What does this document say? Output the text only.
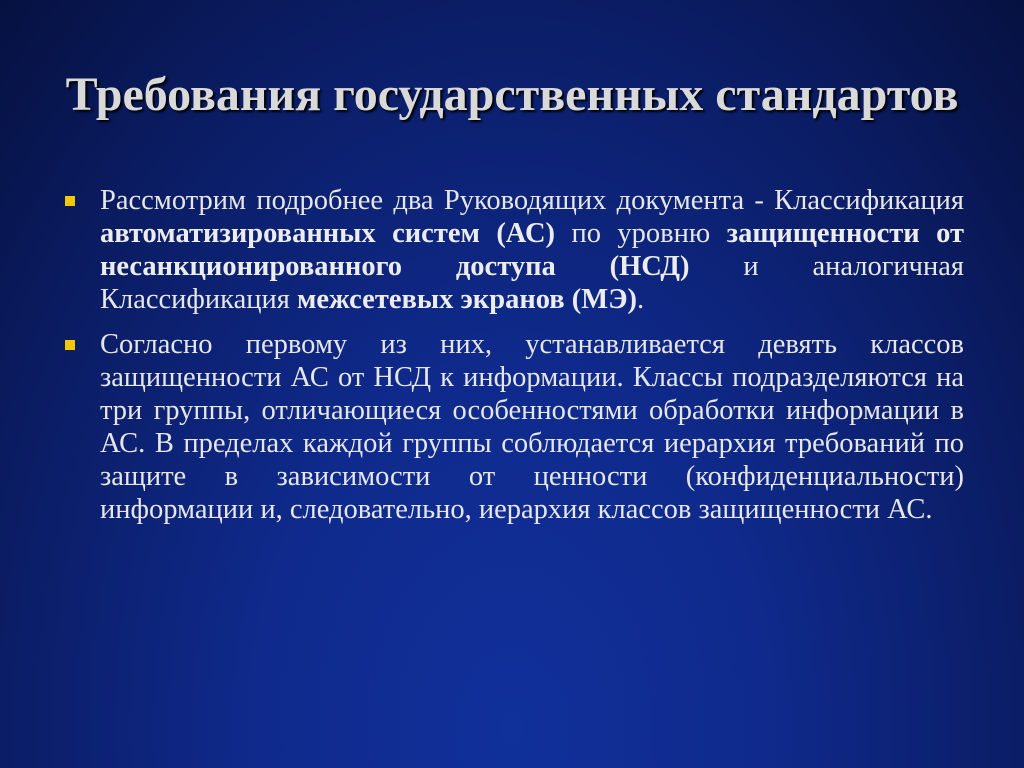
Требования государственных стандартов
Рассмотрим подробнее два Руководящих документа - Классификация автоматизированных систем (АС) по уровню защищенности от несанкционированного доступа (НСД) и аналогичная Классификация межсетевых экранов (МЭ).
Согласно первому из них, устанавливается девять классов защищенности АС от НСД к информации. Классы подразделяются на три группы, отличающиеся особенностями обработки информации в АС. В пределах каждой группы соблюдается иерархия требований по защите в зависимости от ценности (конфиденциальности) информации и, следовательно, иерархия классов защищенности АС.
